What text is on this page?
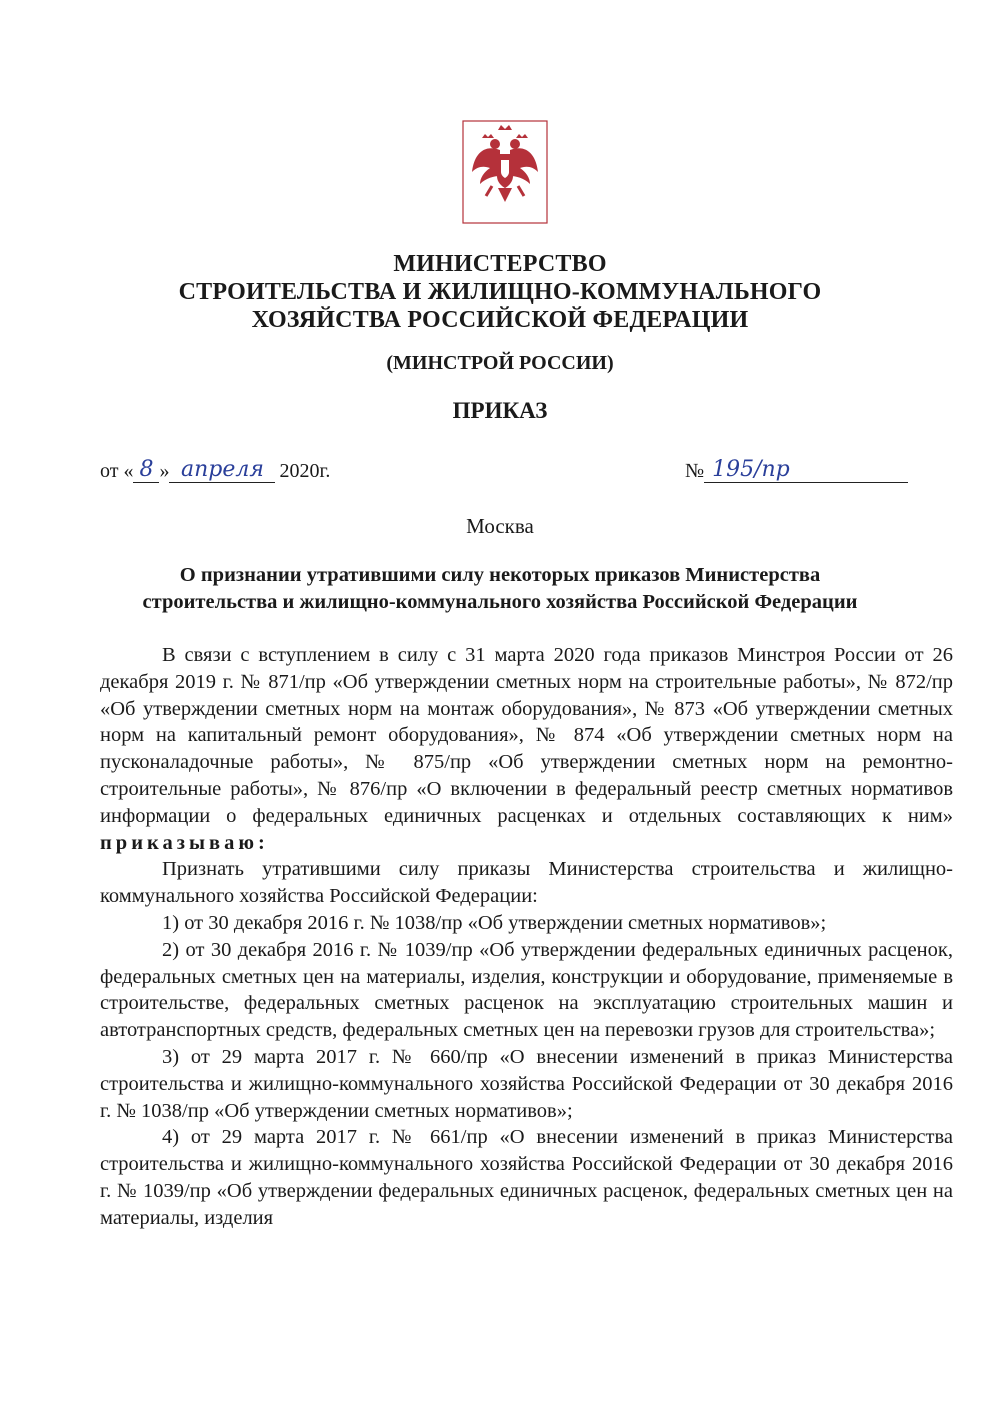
МИНИСТЕРСТВО
СТРОИТЕЛЬСТВА И ЖИЛИЩНО-КОММУНАЛЬНОГО
ХОЗЯЙСТВА РОССИЙСКОЙ ФЕДЕРАЦИИ
(МИНСТРОЙ РОССИИ)
ПРИКАЗ
от « 8 » апреля 2020 г.	№ 195/пр
Москва
О признании утратившими силу некоторых приказов Министерства
строительства и жилищно-коммунального хозяйства Российской Федерации

В связи с вступлением в силу с 31 марта 2020 года приказов Минстроя России от 26 декабря 2019 г. № 871/пр «Об утверждении сметных норм на строительные работы», № 872/пр «Об утверждении сметных норм на монтаж оборудования», № 873 «Об утверждении сметных норм на капитальный ремонт оборудования», № 874 «Об утверждении сметных норм на пусконаладочные работы», № 875/пр «Об утверждении сметных норм на ремонтно-строительные работы», № 876/пр «О включении в федеральный реестр сметных нормативов информации о федеральных единичных расценках и отдельных составляющих к ним» приказываю:

Признать утратившими силу приказы Министерства строительства и жилищно-коммунального хозяйства Российской Федерации:

1) от 30 декабря 2016 г. № 1038/пр «Об утверждении сметных нормативов»;

2) от 30 декабря 2016 г. № 1039/пр «Об утверждении федеральных единичных расценок, федеральных сметных цен на материалы, изделия, конструкции и оборудование, применяемые в строительстве, федеральных сметных расценок на эксплуатацию строительных машин и автотранспортных средств, федеральных сметных цен на перевозки грузов для строительства»;

3) от 29 марта 2017 г. № 660/пр «О внесении изменений в приказ Министерства строительства и жилищно-коммунального хозяйства Российской Федерации от 30 декабря 2016 г. № 1038/пр «Об утверждении сметных нормативов»;

4) от 29 марта 2017 г. № 661/пр «О внесении изменений в приказ Министерства строительства и жилищно-коммунального хозяйства Российской Федерации от 30 декабря 2016 г. № 1039/пр «Об утверждении федеральных единичных расценок, федеральных сметных цен на материалы, изделия
